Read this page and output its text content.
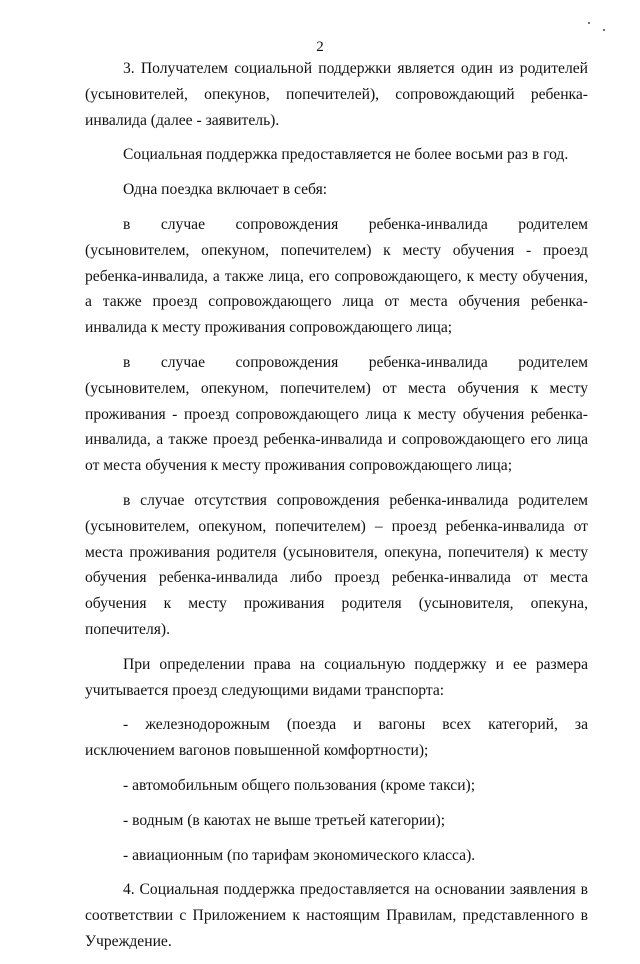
2

3. Получателем социальной поддержки является один из родителей (усыновителей, опекунов, попечителей), сопровождающий ребенка-инвалида (далее - заявитель).

Социальная поддержка предоставляется не более восьми раз в год.

Одна поездка включает в себя:

в случае сопровождения ребенка-инвалида родителем (усыновителем, опекуном, попечителем) к месту обучения - проезд ребенка-инвалида, а также лица, его сопровождающего, к месту обучения, а также проезд сопровождающего лица от места обучения ребенка-инвалида к месту проживания сопровождающего лица;

в случае сопровождения ребенка-инвалида родителем (усыновителем, опекуном, попечителем) от места обучения к месту проживания - проезд сопровождающего лица к месту обучения ребенка-инвалида, а также проезд ребенка-инвалида и сопровождающего его лица от места обучения к месту проживания сопровождающего лица;

в случае отсутствия сопровождения ребенка-инвалида родителем (усыновителем, опекуном, попечителем) – проезд ребенка-инвалида от места проживания родителя (усыновителя, опекуна, попечителя) к месту обучения ребенка-инвалида либо проезд ребенка-инвалида от места обучения к месту проживания родителя (усыновителя, опекуна, попечителя).

При определении права на социальную поддержку и ее размера учитывается проезд следующими видами транспорта:

- железнодорожным (поезда и вагоны всех категорий, за исключением вагонов повышенной комфортности);

- автомобильным общего пользования (кроме такси);

- водным (в каютах не выше третьей категории);

- авиационным (по тарифам экономического класса).

4. Социальная поддержка предоставляется на основании заявления в соответствии с Приложением к настоящим Правилам, представленного в Учреждение.
